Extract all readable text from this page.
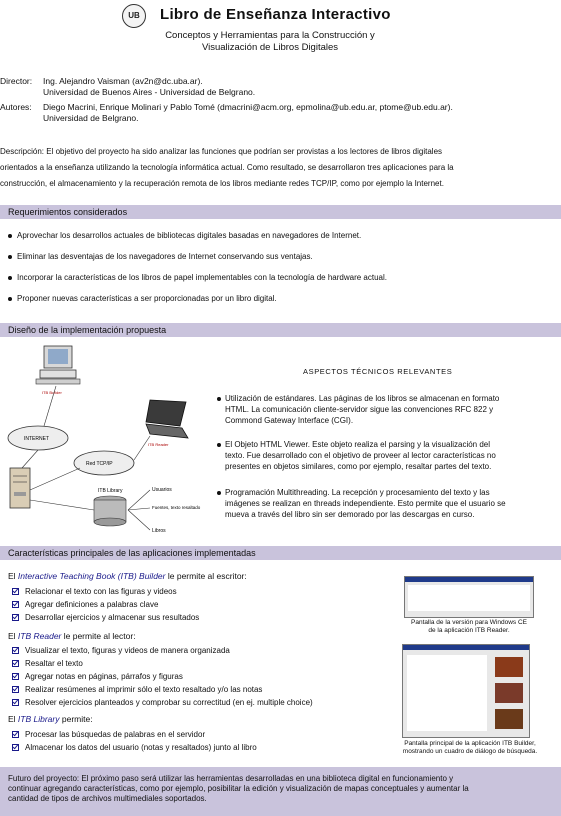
UB	Libro de Enseñanza Interactivo
Conceptos y Herramientas para la Construcción y Visualización de Libros Digitales
Director: Ing. Alejandro Vaisman (av2n@dc.uba.ar).
Universidad de Buenos Aires - Universidad de Belgrano.
Autores: Diego Macrini, Enrique Molinari y Pablo Tomé (dmacrini@acm.org, epmolina@ub.edu.ar, ptome@ub.edu.ar).
Universidad de Belgrano.
Descripción: El objetivo del proyecto ha sido analizar las funciones que podrían ser provistas a los lectores de libros digitales
orientados a la enseñanza utilizando la tecnología informática actual. Como resultado, se desarrollaron tres aplicaciones para la
construcción, el almacenamiento y la recuperación remota de los libros mediante redes TCP/IP, como por ejemplo la Internet.
Requerimientos considerados
Aprovechar los desarrollos actuales de bibliotecas digitales basadas en navegadores de Internet.
Eliminar las desventajas de los navegadores de Internet conservando sus ventajas.
Incorporar la características de los libros de papel implementables con la tecnología de hardware actual.
Proponer nuevas características a ser proporcionadas por un libro digital.
Diseño de la implementación propuesta
ITB Builder
INTERNET
Red TCP/IP
ITB Reader
ITB Library	Usuarios
Fuentes, texto resaltado
Libros
ASPECTOS TÉCNICOS RELEVANTES
Utilización de estándares. Las páginas de los libros se almacenan en formato
HTML. La comunicación cliente-servidor sigue las convenciones RFC 822 y
Commond Gateway Interface (CGI).
El Objeto HTML Viewer. Este objeto realiza el parsing y la visualización del
texto. Fue desarrollado con el objetivo de proveer al lector características no
presentes en objetos similares, como por ejemplo, resaltar partes del texto.
Programación Multithreading. La recepción y procesamiento del texto y las
imágenes se realizan en threads independiente. Esto permite que el usuario se
mueva a través del libro sin ser demorado por las descargas en curso.
Características principales de las aplicaciones implementadas
El Interactive Teaching Book (ITB) Builder le permite al escritor:
Relacionar el texto con las figuras y videos
Agregar definiciones a palabras clave
Desarrollar ejercicios y almacenar sus resultados
El ITB Reader le permite al lector:
Visualizar el texto, figuras y videos de manera organizada
Resaltar el texto
Agregar notas en páginas, párrafos y figuras
Realizar resúmenes al imprimir sólo el texto resaltado y/o las notas
Resolver ejercicios planteados y comprobar su correctitud (en ej. multiple choice)
El ITB Library permite:
Procesar las búsquedas de palabras en el servidor
Almacenar los datos del usuario (notas y resaltados) junto al libro
Pantalla de la versión para Windows CE
de la aplicación ITB Reader.
Pantalla principal de la aplicación ITB Builder,
mostrando un cuadro de diálogo de búsqueda.
Futuro del proyecto: El próximo paso será utilizar las herramientas desarrolladas en una biblioteca digital en funcionamiento y
continuar agregando características, como por ejemplo, posibilitar la edición y visualización de mapas conceptuales y aumentar la
cantidad de tipos de archivos multimediales soportados.
